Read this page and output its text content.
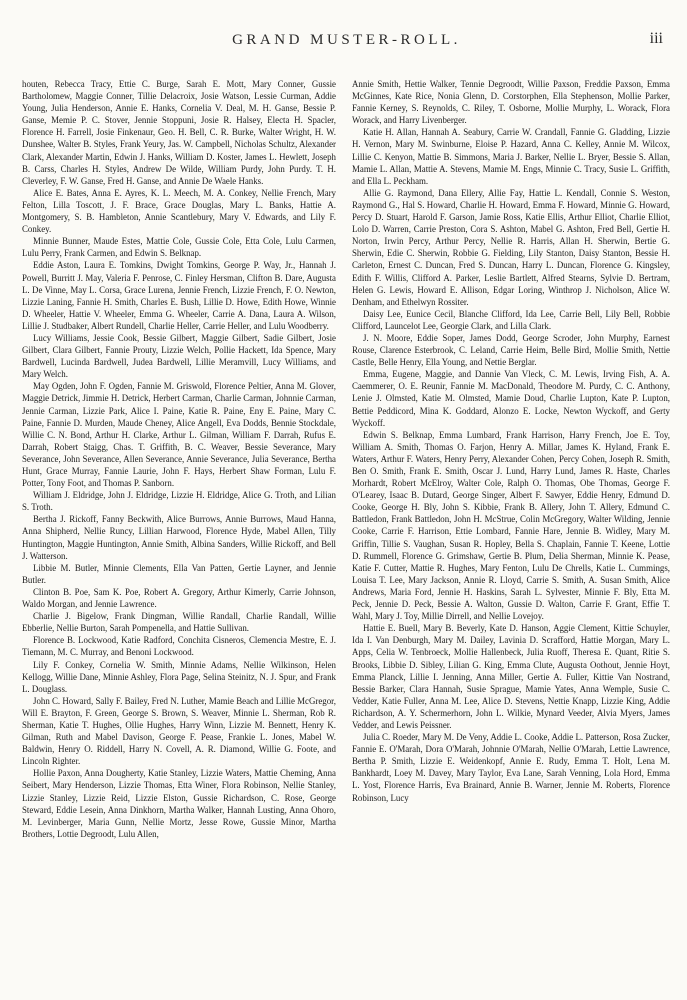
GRAND MUSTER-ROLL.	iii

houten, Rebecca Tracy, Ettie C. Burge, Sarah E. Mott, Mary Conner, Gussie Bartholomew, Maggie Conner, Tillie Delacroix, Josie Watson, Lessie Curman, Addie Young, Julia Henderson, Annie E. Hanks, Cornelia V. Deal, M. H. Ganse, Bessie P. Ganse, Memie P. C. Stover, Jennie Stoppuni, Josie R. Halsey, Electa H. Spacler, Florence H. Farrell, Josie Finkenaur, Geo. H. Bell, C. R. Burke, Walter Wright, H. W. Dunshee, Walter B. Styles, Frank Yeury, Jas. W. Campbell, Nicholas Schultz, Alexander Clark, Alexander Martin, Edwin J. Hanks, William D. Koster, James L. Hewlett, Joseph B. Carss, Charles H. Styles, Andrew De Wilde, William Purdy, John Purdy. T. H. Cleverley, F. W. Ganse, Fred H. Ganse, and Annie De Waele Hanks.

Alice E. Bates, Anna E. Ayres, K. L. Meech, M. A. Conkey, Nellie French, Mary Felton, Lilla Toscott, J. F. Brace, Grace Douglas, Mary L. Banks, Hattie A. Montgomery, S. B. Hambleton, Annie Scantlebury, Mary V. Edwards, and Lily F. Conkey.

Minnie Bunner, Maude Estes, Mattie Cole, Gussie Cole, Etta Cole, Lulu Carmen, Lulu Perry, Frank Carmen, and Edwin S. Belknap.

Eddie Aston, Laura E. Tomkins, Dwight Tomkins, George P. Way, Jr., Hannah J. Powell, Burritt J. May, Valeria F. Penrose, C. Finley Hersman, Clifton B. Dare, Augusta L. De Vinne, May L. Corsa, Grace Lurena, Jennie French, Lizzie French, F. O. Newton, Lizzie Laning, Fannie H. Smith, Charles E. Bush, Lillie D. Howe, Edith Howe, Winnie D. Wheeler, Hattie V. Wheeler, Emma G. Wheeler, Carrie A. Dana, Laura A. Wilson, Lillie J. Studbaker, Albert Rundell, Charlie Heller, Carrie Heller, and Lulu Woodberry.

Lucy Williams, Jessie Cook, Bessie Gilbert, Maggie Gilbert, Sadie Gilbert, Josie Gilbert, Clara Gilbert, Fannie Prouty, Lizzie Welch, Pollie Hackett, Ida Spence, Mary Bardwell, Lucinda Bardwell, Judea Bardwell, Lillie Meramvill, Lucy Williams, and Mary Welch.

May Ogden, John F. Ogden, Fannie M. Griswold, Florence Peltier, Anna M. Glover, Maggie Detrick, Jimmie H. Detrick, Herbert Carman, Charlie Carman, Johnnie Carman, Jennie Carman, Lizzie Park, Alice I. Paine, Katie R. Paine, Eny E. Paine, Mary C. Paine, Fannie D. Murden, Maude Cheney, Alice Angell, Eva Dodds, Bennie Stockdale, Willie C. N. Bond, Arthur H. Clarke, Arthur L. Gilman, William F. Darrah, Rufus E. Darrah, Robert Staigg, Chas. T. Griffith, B. C. Weaver, Bessie Severance, Mary Severance, John Severance, Allen Severance, Annie Severance, Julia Severance, Bertha Hunt, Grace Murray, Fannie Laurie, John F. Hays, Herbert Shaw Forman, Lulu F. Potter, Tony Foot, and Thomas P. Sanborn.

William J. Eldridge, John J. Eldridge, Lizzie H. Eldridge, Alice G. Troth, and Lilian S. Troth.

Bertha J. Rickoff, Fanny Beckwith, Alice Burrows, Annie Burrows, Maud Hanna, Anna Shipherd, Nellie Runcy, Lillian Harwood, Florence Hyde, Mabel Allen, Tilly Huntington, Maggie Huntington, Annie Smith, Albina Sanders, Willie Rickoff, and Bell J. Watterson.

Libbie M. Butler, Minnie Clements, Ella Van Patten, Gertie Layner, and Jennie Butler.

Clinton B. Poe, Sam K. Poe, Robert A. Gregory, Arthur Kimerly, Carrie Johnson, Waldo Morgan, and Jennie Lawrence.

Charlie J. Bigelow, Frank Dingman, Willie Randall, Charlie Randall, Willie Ebberlie, Nellie Burton, Sarah Pompenella, and Hattie Sullivan.

Florence B. Lockwood, Katie Radford, Conchita Cisneros, Clemencia Mestre, E. J. Tiemann, M. C. Murray, and Benoni Lockwood.

Lily F. Conkey, Cornelia W. Smith, Minnie Adams, Nellie Wilkinson, Helen Kellogg, Willie Dane, Minnie Ashley, Flora Page, Selina Steinitz, N. J. Spur, and Frank L. Douglass.

John C. Howard, Sally F. Bailey, Fred N. Luther, Mamie Beach and Lillie McGregor, Will E. Brayton, F. Green, George S. Brown, S. Weaver, Minnie L. Sherman, Rob R. Sherman, Katie T. Hughes, Ollie Hughes, Harry Winn, Lizzie M. Bennett, Henry K. Gilman, Ruth and Mabel Davison, George F. Pease, Frankie L. Jones, Mabel W. Baldwin, Henry O. Riddell, Harry N. Covell, A. R. Diamond, Willie G. Foote, and Lincoln Righter.

Hollie Paxon, Anna Dougherty, Katie Stanley, Lizzie Waters, Mattie Cheming, Anna Seibert, Mary Henderson, Lizzie Thomas, Etta Winer, Flora Robinson, Nellie Stanley, Lizzie Stanley, Lizzie Reid, Lizzie Elston, Gussie Richardson, C. Rose, George Steward, Eddie Lesein, Anna Dinkhorn, Martha Walker, Hannah Lusting, Anna Ohoro, M. Levinberger, Maria Gunn, Nellie Mortz, Jesse Rowe, Gussie Minor, Martha Brothers, Lottie Degroodt, Lulu Allen,

Annie Smith, Hettie Walker, Tennie Degroodt, Willie Paxson, Freddie Paxson, Emma McGinnes, Kate Rice, Nonia Glenn, D. Corstorphen, Ella Stephenson, Mollie Parker, Fannie Kerney, S. Reynolds, C. Riley, T. Osborne, Mollie Murphy, L. Worack, Flora Worack, and Harry Livenberger.

Katie H. Allan, Hannah A. Seabury, Carrie W. Crandall, Fannie G. Gladding, Lizzie H. Vernon, Mary M. Swinburne, Eloise P. Hazard, Anna C. Kelley, Annie M. Wilcox, Lillie C. Kenyon, Mattie B. Simmons, Maria J. Barker, Nellie L. Bryer, Bessie S. Allan, Mamie L. Allan, Mattie A. Stevens, Mamie M. Engs, Minnie C. Tracy, Susie L. Griffith, and Ella L. Peckham.

Allie G. Raymond, Dana Ellery, Allie Fay, Hattie L. Kendall, Connie S. Weston, Raymond G., Hal S. Howard, Charlie H. Howard, Emma F. Howard, Minnie G. Howard, Percy D. Stuart, Harold F. Garson, Jamie Ross, Katie Ellis, Arthur Elliot, Charlie Elliot, Lolo D. Warren, Carrie Preston, Cora S. Ashton, Mabel G. Ashton, Fred Bell, Gertie H. Norton, Irwin Percy, Arthur Percy, Nellie R. Harris, Allan H. Sherwin, Bertie G. Sherwin, Edie C. Sherwin, Robbie G. Fielding, Lily Stanton, Daisy Stanton, Bessie H. Carleton, Ernest C. Duncan, Fred S. Duncan, Harry L. Duncan, Florence G. Kingsley, Edith F. Willis, Clifford A. Parker, Leslie Bartlett, Alfred Stearns, Sylvie D. Bertram, Helen G. Lewis, Howard E. Allison, Edgar Loring, Winthrop J. Nicholson, Alice W. Denham, and Ethelwyn Rossiter.

Daisy Lee, Eunice Cecil, Blanche Clifford, Ida Lee, Carrie Bell, Lily Bell, Robbie Clifford, Launcelot Lee, Georgie Clark, and Lilla Clark.

J. N. Moore, Eddie Soper, James Dodd, George Scroder, John Murphy, Earnest Rouse, Clarence Esterbrook, C. Leland, Carrie Heim, Belle Bird, Mollie Smith, Nettie Castle, Belle Henry, Ella Young, and Nettie Berglar.

Emma, Eugene, Maggie, and Dannie Van Vleck, C. M. Lewis, Irving Fish, A. A. Caemmerer, O. E. Reunir, Fannie M. MacDonald, Theodore M. Purdy, C. C. Anthony, Lenie J. Olmsted, Katie M. Olmsted, Mamie Doud, Charlie Lupton, Kate P. Lupton, Bettie Peddicord, Mina K. Goddard, Alonzo E. Locke, Newton Wyckoff, and Gerty Wyckoff.

Edwin S. Belknap, Emma Lumbard, Frank Harrison, Harry French, Joe E. Toy, William A. Smith, Thomas O. Farjon, Henry A. Millar, James K. Hyland, Frank E. Waters, Arthur F. Waters, Henry Perry, Alexander Cohen, Percy Cohen, Joseph R. Smith, Ben O. Smith, Frank E. Smith, Oscar J. Lund, Harry Lund, James R. Haste, Charles Morhardt, Robert McElroy, Walter Cole, Ralph O. Thomas, Obe Thomas, George F. O'Learey, Isaac B. Dutard, George Singer, Albert F. Sawyer, Eddie Henry, Edmund D. Cooke, George H. Bly, John S. Kibbie, Frank B. Allery, John T. Allery, Edmund C. Battledon, Frank Battledon, John H. McStrue, Colin McGregory, Walter Wilding, Jennie Cooke, Carrie F. Harrison, Ettie Lombard, Fannie Hare, Jennie B. Widley, Mary M. Griffin, Tillie S. Vaughan, Susan R. Hopley, Bella S. Chaplain, Fannie T. Keene, Lottie D. Rummell, Florence G. Grimshaw, Gertie B. Plum, Delia Sherman, Minnie K. Pease, Katie F. Cutter, Mattie R. Hughes, Mary Fenton, Lulu De Chrells, Katie L. Cummings, Louisa T. Lee, Mary Jackson, Annie R. Lloyd, Carrie S. Smith, A. Susan Smith, Alice Andrews, Maria Ford, Jennie H. Haskins, Sarah L. Sylvester, Minnie F. Bly, Etta M. Peck, Jennie D. Peck, Bessie A. Walton, Gussie D. Walton, Carrie F. Grant, Effie T. Wahl, Mary J. Toy, Millie Dirrell, and Nellie Lovejoy.

Hattie E. Buell, Mary B. Beverly, Kate D. Hanson, Aggie Clement, Kittie Schuyler, Ida I. Van Denburgh, Mary M. Dailey, Lavinia D. Scrafford, Hattie Morgan, Mary L. Apps, Celia W. Tenbroeck, Mollie Hallenbeck, Julia Ruoff, Theresa E. Quant, Ritie S. Brooks, Libbie D. Sibley, Lilian G. King, Emma Clute, Augusta Oothout, Jennie Hoyt, Emma Planck, Lillie I. Jenning, Anna Miller, Gertie A. Fuller, Kittie Van Nostrand, Bessie Barker, Clara Hannah, Susie Sprague, Mamie Yates, Anna Wemple, Susie C. Vedder, Katie Fuller, Anna M. Lee, Alice D. Stevens, Nettie Knapp, Lizzie King, Addie Richardson, A. Y. Schermerhorn, John L. Wilkie, Mynard Veeder, Alvia Myers, James Vedder, and Lewis Peissner.

Julia C. Roeder, Mary M. De Veny, Addie L. Cooke, Addie L. Patterson, Rosa Zucker, Fannie E. O'Marah, Dora O'Marah, Johnnie O'Marah, Nellie O'Marah, Lettie Lawrence, Bertha P. Smith, Lizzie E. Weidenkopf, Annie E. Rudy, Emma T. Holt, Lena M. Bankhardt, Loey M. Davey, Mary Taylor, Eva Lane, Sarah Venning, Lola Hord, Emma L. Yost, Florence Harris, Eva Brainard, Annie B. Warner, Jennie M. Roberts, Florence Robinson, Lucy
